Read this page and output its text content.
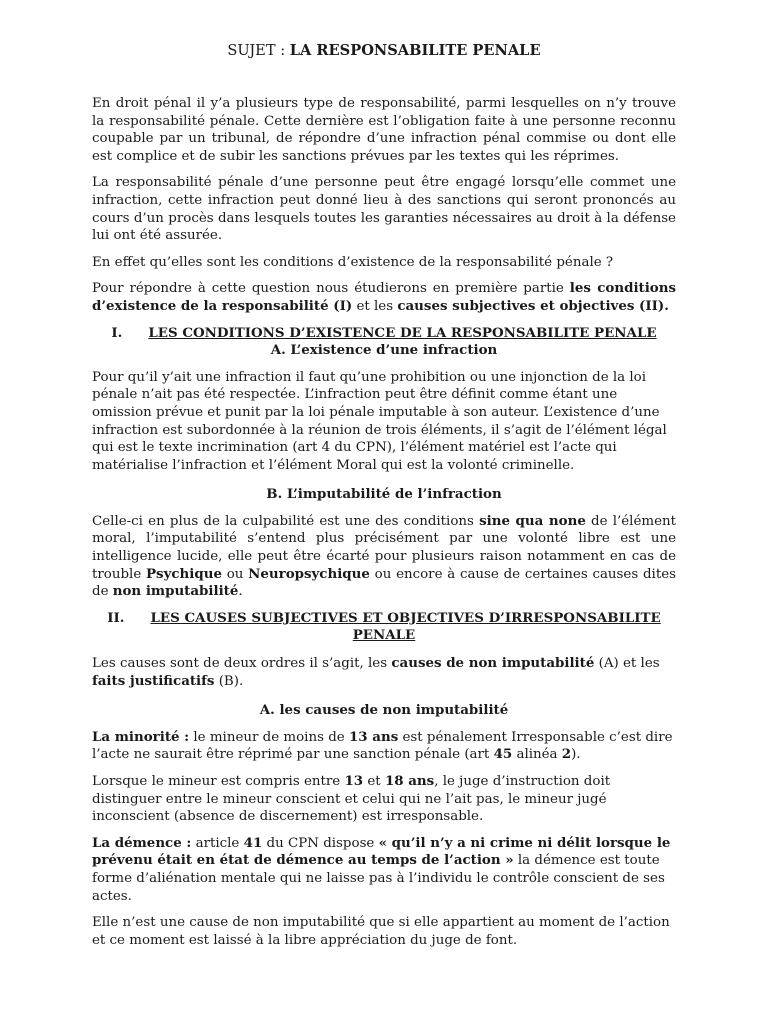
SUJET : LA RESPONSABILITE PENALE

En droit pénal il y’a plusieurs type de responsabilité, parmi lesquelles on n’y trouve la responsabilité pénale. Cette dernière est l’obligation faite à une personne reconnu coupable par un tribunal, de répondre d’une infraction pénal commise ou dont elle est complice et de subir les sanctions prévues par les textes qui les réprimes.

La responsabilité pénale d’une personne peut être engagé lorsqu’elle commet une infraction, cette infraction peut donné lieu à des sanctions qui seront prononcés au cours d’un procès dans lesquels toutes les garanties nécessaires au droit à la défense lui ont été assurée.

En effet qu’elles sont les conditions d’existence de la responsabilité pénale ?

Pour répondre à cette question nous étudierons en première partie les conditions d’existence de la responsabilité (I) et les causes subjectives et objectives (II).

I. LES CONDITIONS D’EXISTENCE DE LA RESPONSABILITE PENALE
A. L’existence d’une infraction

Pour qu’il y’ait une infraction il faut qu’une prohibition ou une injonction de la loi pénale n’ait pas été respectée. L’infraction peut être définit comme étant une omission prévue et punit par la loi pénale imputable à son auteur. L’existence d’une infraction est subordonnée à la réunion de trois éléments, il s’agit de l’élément légal qui est le texte incrimination (art 4 du CPN), l’élément matériel est l’acte qui matérialise l’infraction et l’élément Moral qui est la volonté criminelle.

B. L’imputabilité de l’infraction

Celle-ci en plus de la culpabilité est une des conditions sine qua none de l’élément moral, l’imputabilité s’entend plus précisément par une volonté libre est une intelligence lucide, elle peut être écarté pour plusieurs raison notamment en cas de trouble Psychique ou Neuropsychique ou encore à cause de certaines causes dites de non imputabilité.

II. LES CAUSES SUBJECTIVES ET OBJECTIVES D’IRRESPONSABILITE PENALE

Les causes sont de deux ordres il s’agit, les causes de non imputabilité (A) et les faits justificatifs (B).

A. les causes de non imputabilité

La minorité : le mineur de moins de 13 ans est pénalement Irresponsable c’est dire l’acte ne saurait être réprimé par une sanction pénale (art 45 alinéa 2).

Lorsque le mineur est compris entre 13 et 18 ans, le juge d’instruction doit distinguer entre le mineur conscient et celui qui ne l’ait pas, le mineur jugé inconscient (absence de discernement) est irresponsable.

La démence : article 41 du CPN dispose « qu’il n’y a ni crime ni délit lorsque le prévenu était en état de démence au temps de l’action » la démence est toute forme d’aliénation mentale qui ne laisse pas à l’individu le contrôle conscient de ses actes.

Elle n’est une cause de non imputabilité que si elle appartient au moment de l’action et ce moment est laissé à la libre appréciation du juge de font.
